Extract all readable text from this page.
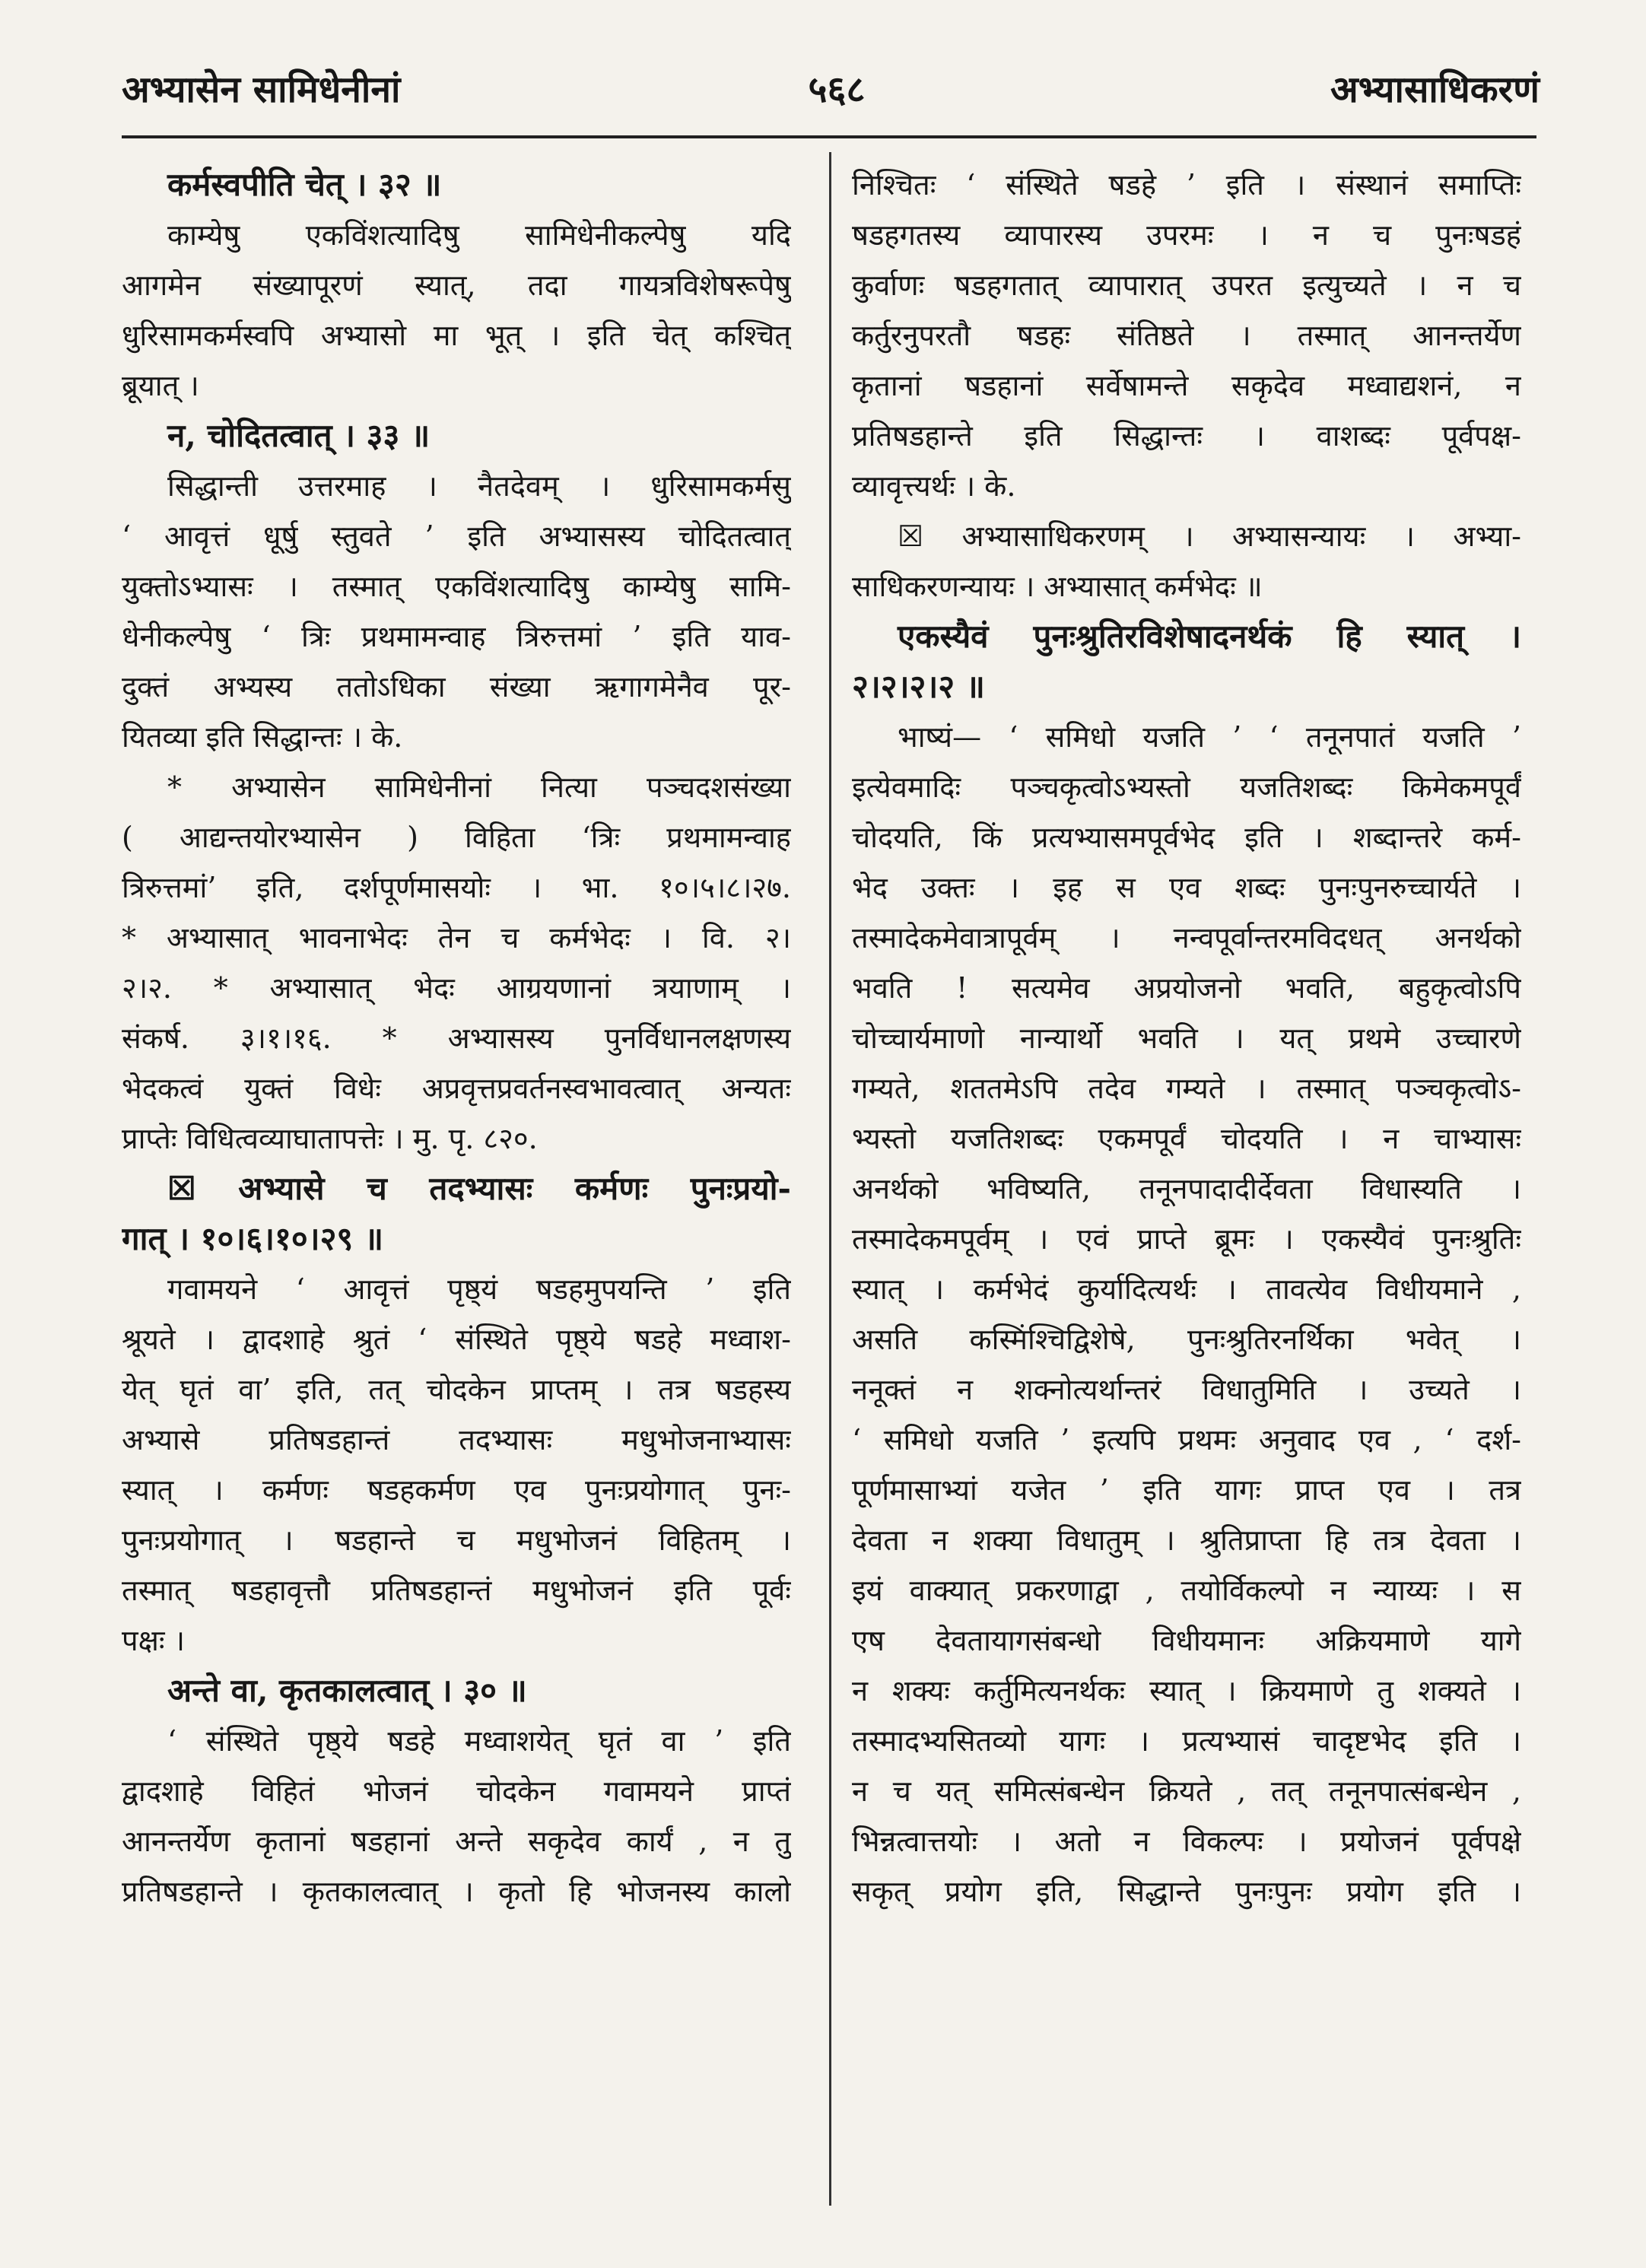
अभ्यासेन सामिधेनीनां	५६८	अभ्यासाधिकरणं
कर्मस्वपीति चेत् । ३२ ॥
काम्येषु एकविंशत्यादिषु सामिधेनीकल्पेषु यदि
आगमेन संख्यापूरणं स्यात्, तदा गायत्रविशेषरूपेषु
धुरिसामकर्मस्वपि अभ्यासो मा भूत् । इति चेत् कश्चित्
ब्रूयात् ।
न, चोदितत्वात् । ३३ ॥
सिद्धान्ती उत्तरमाह । नैतदेवम् । धुरिसामकर्मसु
‘ आवृत्तं धूर्षु स्तुवते ’ इति अभ्यासस्य चोदितत्वात्
युक्तोऽभ्यासः । तस्मात् एकविंशत्यादिषु काम्येषु सामि-
धेनीकल्पेषु ‘ त्रिः प्रथमामन्वाह त्रिरुत्तमां ’ इति याव-
दुक्तं अभ्यस्य ततोऽधिका संख्या ऋगागमेनैव पूर-
यितव्या इति सिद्धान्तः । के.
* अभ्यासेन सामिधेनीनां नित्या पञ्चदशसंख्या
( आद्यन्तयोरभ्यासेन ) विहिता ‘त्रिः प्रथमामन्वाह
त्रिरुत्तमां’ इति, दर्शपूर्णमासयोः । भा. १०।५।८।२७.
* अभ्यासात् भावनाभेदः तेन च कर्मभेदः । वि. २।
२।२. * अभ्यासात् भेदः आग्रयणानां त्रयाणाम् ।
संकर्ष. ३।१।१६. * अभ्यासस्य पुनर्विधानलक्षणस्य
भेदकत्वं युक्तं विधेः अप्रवृत्तप्रवर्तनस्वभावत्वात् अन्यतः
प्राप्तेः विधित्वव्याघातापत्तेः । मु. पृ. ८२०.
☒ अभ्यासे च तदभ्यासः कर्मणः पुनःप्रयो-
गात् । १०।६।१०।२९ ॥
गवामयने ‘ आवृत्तं पृष्ठ्यं षडहमुपयन्ति ’ इति
श्रूयते । द्वादशाहे श्रुतं ‘ संस्थिते पृष्ठ्ये षडहे मध्वाश-
येत् घृतं वा’ इति, तत् चोदकेन प्राप्तम् । तत्र षडहस्य
अभ्यासे प्रतिषडहान्तं तदभ्यासः मधुभोजनाभ्यासः
स्यात् । कर्मणः षडहकर्मण एव पुनःप्रयोगात् पुनः-
पुनःप्रयोगात् । षडहान्ते च मधुभोजनं विहितम् ।
तस्मात् षडहावृत्तौ प्रतिषडहान्तं मधुभोजनं इति पूर्वः
पक्षः ।
अन्ते वा, कृतकालत्वात् । ३० ॥
‘ संस्थिते पृष्ठ्ये षडहे मध्वाशयेत् घृतं वा ’ इति
द्वादशाहे विहितं भोजनं चोदकेन गवामयने प्राप्तं
आनन्तर्येण कृतानां षडहानां अन्ते सकृदेव कार्यं , न तु
प्रतिषडहान्ते । कृतकालत्वात् । कृतो हि भोजनस्य कालो
निश्चितः ‘ संस्थिते षडहे ’ इति । संस्थानं समाप्तिः
षडहगतस्य व्यापारस्य उपरमः । न च पुनःषडहं
कुर्वाणः षडहगतात् व्यापारात् उपरत इत्युच्यते । न च
कर्तुरनुपरतौ षडहः संतिष्ठते । तस्मात् आनन्तर्येण
कृतानां षडहानां सर्वेषामन्ते सकृदेव मध्वाद्यशनं, न
प्रतिषडहान्ते इति सिद्धान्तः । वाशब्दः पूर्वपक्ष-
व्यावृत्त्यर्थः । के.
☒ अभ्यासाधिकरणम् । अभ्यासन्यायः । अभ्या-
साधिकरणन्यायः । अभ्यासात् कर्मभेदः ॥
एकस्यैवं पुनःश्रुतिरविशेषादनर्थकं हि स्यात् ।
२।२।२।२ ॥
भाष्यं— ‘ समिधो यजति ’ ‘ तनूनपातं यजति ’
इत्येवमादिः पञ्चकृत्वोऽभ्यस्तो यजतिशब्दः किमेकमपूर्वं
चोदयति, किं प्रत्यभ्यासमपूर्वभेद इति । शब्दान्तरे कर्म-
भेद उक्तः । इह स एव शब्दः पुनःपुनरुच्चार्यते ।
तस्मादेकमेवात्रापूर्वम् । नन्वपूर्वान्तरमविदधत् अनर्थको
भवति ! सत्यमेव अप्रयोजनो भवति, बहुकृत्वोऽपि
चोच्चार्यमाणो नान्यार्थो भवति । यत् प्रथमे उच्चारणे
गम्यते, शततमेऽपि तदेव गम्यते । तस्मात् पञ्चकृत्वोऽ-
भ्यस्तो यजतिशब्दः एकमपूर्वं चोदयति । न चाभ्यासः
अनर्थको भविष्यति, तनूनपादादीर्देवता विधास्यति ।
तस्मादेकमपूर्वम् । एवं प्राप्ते ब्रूमः । एकस्यैवं पुनःश्रुतिः
स्यात् । कर्मभेदं कुर्यादित्यर्थः । तावत्येव विधीयमाने ,
असति कस्मिंश्चिद्विशेषे, पुनःश्रुतिरनर्थिका भवेत् ।
ननूक्तं न शक्नोत्यर्थान्तरं विधातुमिति । उच्यते ।
‘ समिधो यजति ’ इत्यपि प्रथमः अनुवाद एव , ‘ दर्श-
पूर्णमासाभ्यां यजेत ’ इति यागः प्राप्त एव । तत्र
देवता न शक्या विधातुम् । श्रुतिप्राप्ता हि तत्र देवता ।
इयं वाक्यात् प्रकरणाद्वा , तयोर्विकल्पो न न्याय्यः । स
एष देवतायागसंबन्धो विधीयमानः अक्रियमाणे यागे
न शक्यः कर्तुमित्यनर्थकः स्यात् । क्रियमाणे तु शक्यते ।
तस्मादभ्यसितव्यो यागः । प्रत्यभ्यासं चादृष्टभेद इति ।
न च यत् समित्संबन्धेन क्रियते , तत् तनूनपात्संबन्धेन ,
भिन्नत्वात्तयोः । अतो न विकल्पः । प्रयोजनं पूर्वपक्षे
सकृत् प्रयोग इति, सिद्धान्ते पुनःपुनः प्रयोग इति ।
